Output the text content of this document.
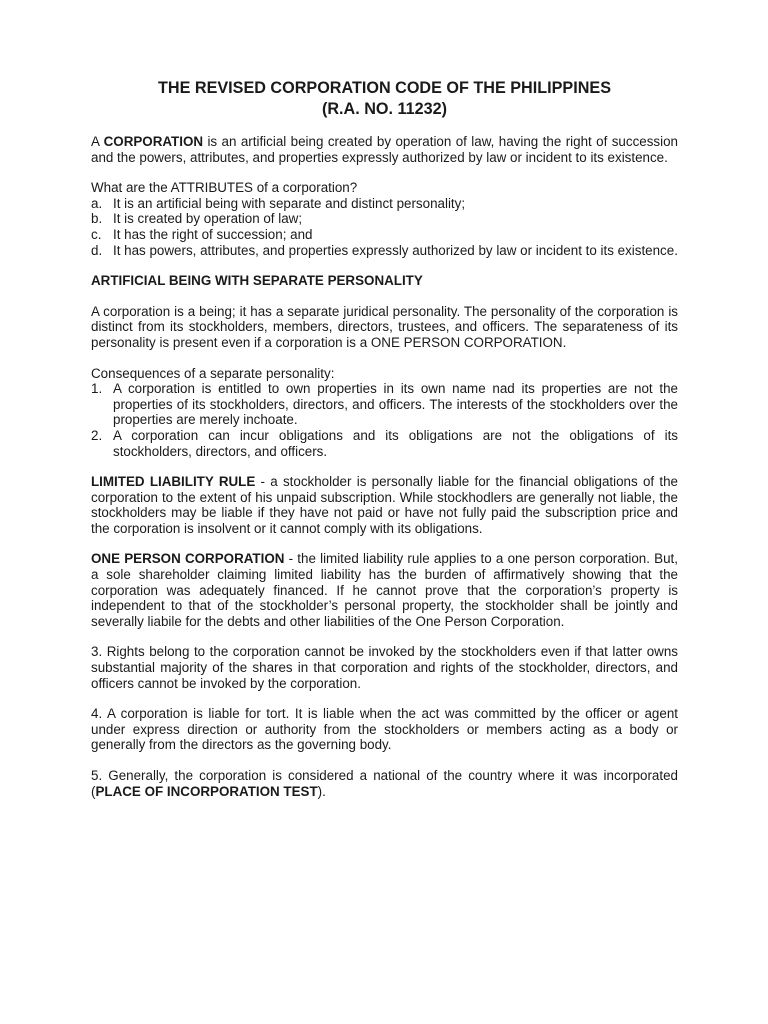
THE REVISED CORPORATION CODE OF THE PHILIPPINES
(R.A. NO. 11232)

A CORPORATION is an artificial being created by operation of law, having the right of succession and the powers, attributes, and properties expressly authorized by law or incident to its existence.

What are the ATTRIBUTES of a corporation?

a. It is an artificial being with separate and distinct personality;
b. It is created by operation of law;
c. It has the right of succession; and
d. It has powers, attributes, and properties expressly authorized by law or incident to its existence.

ARTIFICIAL BEING WITH SEPARATE PERSONALITY

A corporation is a being; it has a separate juridical personality. The personality of the corporation is distinct from its stockholders, members, directors, trustees, and officers. The separateness of its personality is present even if a corporation is a ONE PERSON CORPORATION.

Consequences of a separate personality:

1. A corporation is entitled to own properties in its own name nad its properties are not the properties of its stockholders, directors, and officers. The interests of the stockholders over the properties are merely inchoate.
2. A corporation can incur obligations and its obligations are not the obligations of its stockholders, directors, and officers.

LIMITED LIABILITY RULE - a stockholder is personally liable for the financial obligations of the corporation to the extent of his unpaid subscription. While stockhodlers are generally not liable, the stockholders may be liable if they have not paid or have not fully paid the subscription price and the corporation is insolvent or it cannot comply with its obligations.

ONE PERSON CORPORATION - the limited liability rule applies to a one person corporation. But, a sole shareholder claiming limited liability has the burden of affirmatively showing that the corporation was adequately financed. If he cannot prove that the corporation’s property is independent to that of the stockholder’s personal property, the stockholder shall be jointly and severally liabile for the debts and other liabilities of the One Person Corporation.

3. Rights belong to the corporation cannot be invoked by the stockholders even if that latter owns substantial majority of the shares in that corporation and rights of the stockholder, directors, and officers cannot be invoked by the corporation.

4. A corporation is liable for tort. It is liable when the act was committed by the officer or agent under express direction or authority from the stockholders or members acting as a body or generally from the directors as the governing body.

5. Generally, the corporation is considered a national of the country where it was incorporated (PLACE OF INCORPORATION TEST).
